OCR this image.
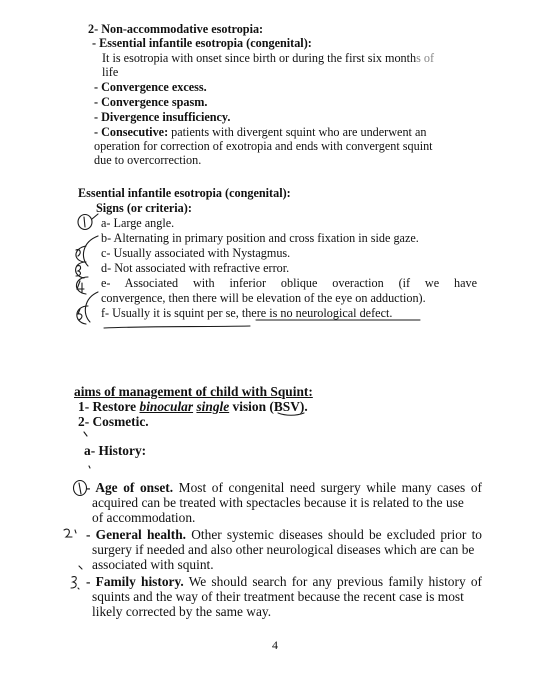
2- Non-accommodative esotropia:
- Essential infantile esotropia (congenital):
It is esotropia with onset since birth or during the first six months of
life
- Convergence excess.
- Convergence spasm.
- Divergence insufficiency.
- Consecutive: patients with divergent squint who are underwent an
operation for correction of exotropia and ends with convergent squint
due to overcorrection.
Essential infantile esotropia (congenital):
Signs (or criteria):
a- Large angle.
b- Alternating in primary position and cross fixation in side gaze.
c- Usually associated with Nystagmus.
d- Not associated with refractive error.
e- Associated with inferior oblique overaction (if we have
convergence, then there will be elevation of the eye on adduction).
f- Usually it is squint per se, there is no neurological defect.
aims of management of child with Squint:
1- Restore binocular single vision (BSV).
2- Cosmetic.
a- History:
- Age of onset. Most of congenital need surgery while many cases of
acquired can be treated with spectacles because it is related to the use
of accommodation.
- General health. Other systemic diseases should be excluded prior to
surgery if needed and also other neurological diseases which are can be
associated with squint.
- Family history. We should search for any previous family history of
squints and the way of their treatment because the recent case is most
likely corrected by the same way.
4
